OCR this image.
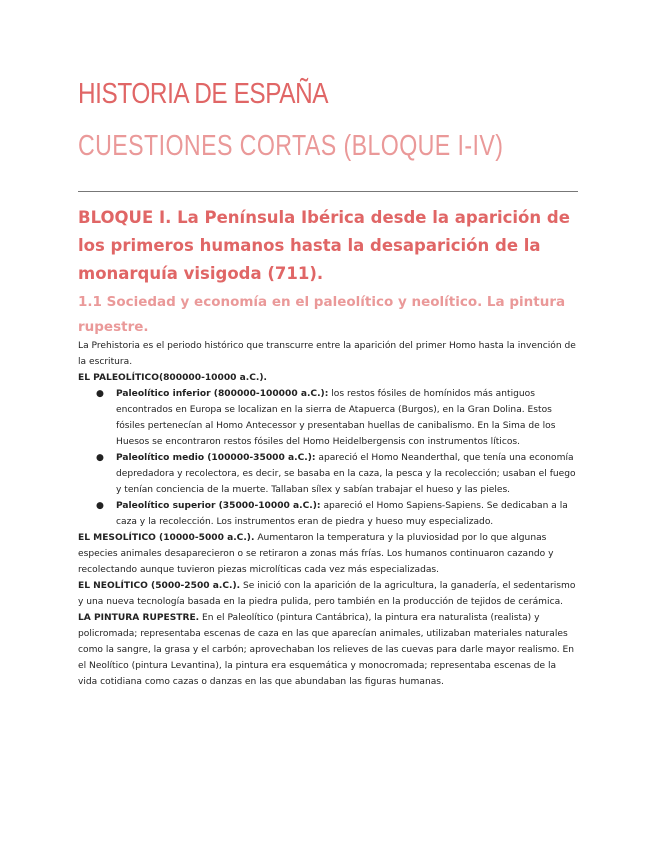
HISTORIA DE ESPAÑA
CUESTIONES CORTAS (BLOQUE I-IV)
BLOQUE I. La Península Ibérica desde la aparición de los primeros humanos hasta la desaparición de la monarquía visigoda (711).
1.1 Sociedad y economía en el paleolítico y neolítico. La pintura rupestre.

La Prehistoria es el periodo histórico que transcurre entre la aparición del primer Homo hasta la invención de la escritura.

EL PALEOLÍTICO(800000-10000 a.C.).

● Paleolítico inferior (800000-100000 a.C.): los restos fósiles de homínidos más antiguos encontrados en Europa se localizan en la sierra de Atapuerca (Burgos), en la Gran Dolina. Estos fósiles pertenecían al Homo Antecessor y presentaban huellas de canibalismo. En la Sima de los Huesos se encontraron restos fósiles del Homo Heidelbergensis con instrumentos líticos.
● Paleolítico medio (100000-35000 a.C.): apareció el Homo Neanderthal, que tenía una economía depredadora y recolectora, es decir, se basaba en la caza, la pesca y la recolección; usaban el fuego y tenían conciencia de la muerte. Tallaban sílex y sabían trabajar el hueso y las pieles.
● Paleolítico superior (35000-10000 a.C.): apareció el Homo Sapiens-Sapiens. Se dedicaban a la caza y la recolección. Los instrumentos eran de piedra y hueso muy especializado.

EL MESOLÍTICO (10000-5000 a.C.). Aumentaron la temperatura y la pluviosidad por lo que algunas especies animales desaparecieron o se retiraron a zonas más frías. Los humanos continuaron cazando y recolectando aunque tuvieron piezas microlíticas cada vez más especializadas.

EL NEOLÍTICO (5000-2500 a.C.). Se inició con la aparición de la agricultura, la ganadería, el sedentarismo y una nueva tecnología basada en la piedra pulida, pero también en la producción de tejidos de cerámica.

LA PINTURA RUPESTRE. En el Paleolítico (pintura Cantábrica), la pintura era naturalista (realista) y policromada; representaba escenas de caza en las que aparecían animales, utilizaban materiales naturales como la sangre, la grasa y el carbón; aprovechaban los relieves de las cuevas para darle mayor realismo. En el Neolítico (pintura Levantina), la pintura era esquemática y monocromada; representaba escenas de la vida cotidiana como cazas o danzas en las que abundaban las figuras humanas.
